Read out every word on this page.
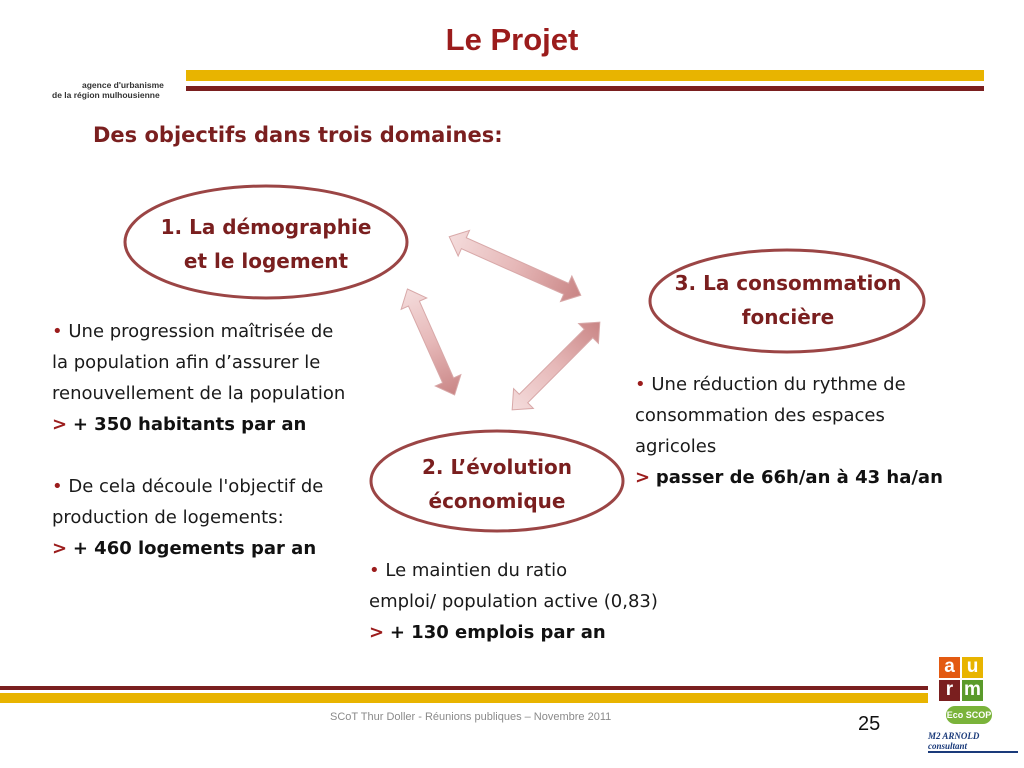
Le Projet
agence d'urbanisme
de la région mulhousienne
Des objectifs dans trois domaines:
1. La démographie
et le logement
2. L’évolution
économique
3. La consommation
foncière
• Une progression maîtrisée de
la population afin d’assurer le
renouvellement de la population
> + 350 habitants par an
• De cela découle l'objectif de
production de logements:
> + 460 logements par an
• Le maintien du ratio
emploi/ population active (0,83)
> + 130 emplois par an
• Une réduction du rythme de
consommation des espaces
agricoles
> passer de 66h/an à 43 ha/an
SCoT Thur Doller - Réunions publiques – Novembre 2011	25
a u
r m
Eco SCOP
M2 ARNOLD consultant
